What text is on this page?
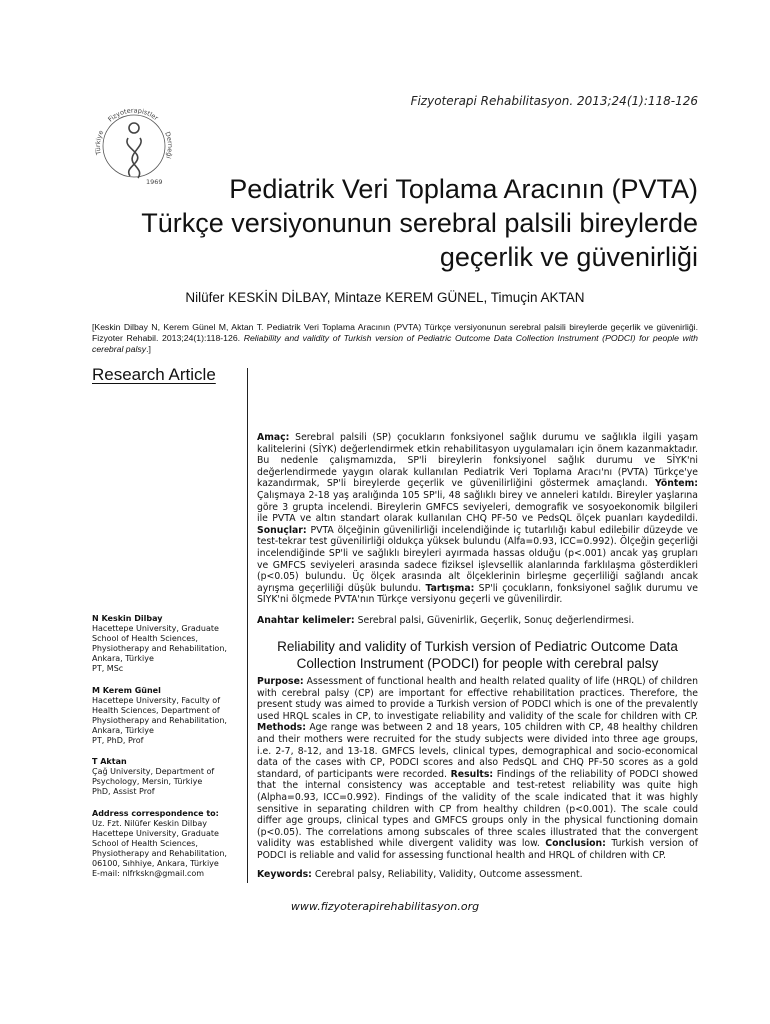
Fizyoterapi Rehabilitasyon. 2013;24(1):118-126
Türkiye
Fizyoterapistler
Derneği
1969	Pediatrik Veri Toplama Aracının (PVTA)
Türkçe versiyonunun serebral palsili bireylerde
geçerlik ve güvenirliği
Nilüfer KESKİN DİLBAY, Mintaze KEREM GÜNEL, Timuçin AKTAN
[Keskin Dilbay N, Kerem Günel M, Aktan T. Pediatrik Veri Toplama Aracının (PVTA) Türkçe versiyonunun serebral palsili bireylerde geçerlik ve güvenirliği. Fizyoter Rehabil. 2013;24(1):118-126. Reliability and validity of Turkish version of Pediatric Outcome Data Collection Instrument (PODCI) for people with cerebral palsy.]
Research Article
Amaç: Serebral palsili (SP) çocukların fonksiyonel sağlık durumu ve sağlıkla ilgili yaşam kalitelerini (SİYK) değerlendirmek etkin rehabilitasyon uygulamaları için önem kazanmaktadır. Bu nedenle çalışmamızda, SP'li bireylerin fonksiyonel sağlık durumu ve SİYK'ni değerlendirmede yaygın olarak kullanılan Pediatrik Veri Toplama Aracı'nı (PVTA) Türkçe'ye kazandırmak, SP'li bireylerde geçerlik ve güvenilirliğini göstermek amaçlandı. Yöntem: Çalışmaya 2-18 yaş aralığında 105 SP'li, 48 sağlıklı birey ve anneleri katıldı. Bireyler yaşlarına göre 3 grupta incelendi. Bireylerin GMFCS seviyeleri, demografik ve sosyoekonomik bilgileri ile PVTA ve altın standart olarak kullanılan CHQ PF-50 ve PedsQL ölçek puanları kaydedildi. Sonuçlar: PVTA ölçeğinin güvenilirliği incelendiğinde iç tutarlılığı kabul edilebilir düzeyde ve test-tekrar test güvenilirliği oldukça yüksek bulundu (Alfa=0.93, ICC=0.992). Ölçeğin geçerliği incelendiğinde SP'li ve sağlıklı bireyleri ayırmada hassas olduğu (p<.001) ancak yaş grupları ve GMFCS seviyeleri arasında sadece fiziksel işlevsellik alanlarında farklılaşma gösterdikleri (p<0.05) bulundu. Üç ölçek arasında alt ölçeklerinin birleşme geçerliliği sağlandı ancak ayrışma geçerliliği düşük bulundu. Tartışma: SP'li çocukların, fonksiyonel sağlık durumu ve SİYK'ni ölçmede PVTA'nın Türkçe versiyonu geçerli ve güvenilirdir.
Anahtar kelimeler: Serebral palsi, Güvenirlik, Geçerlik, Sonuç değerlendirmesi.
Reliability and validity of Turkish version of Pediatric Outcome Data Collection Instrument (PODCI) for people with cerebral palsy
Purpose: Assessment of functional health and health related quality of life (HRQL) of children with cerebral palsy (CP) are important for effective rehabilitation practices. Therefore, the present study was aimed to provide a Turkish version of PODCI which is one of the prevalently used HRQL scales in CP, to investigate reliability and validity of the scale for children with CP. Methods: Age range was between 2 and 18 years, 105 children with CP, 48 healthy children and their mothers were recruited for the study subjects were divided into three age groups, i.e. 2-7, 8-12, and 13-18. GMFCS levels, clinical types, demographical and socio-economical data of the cases with CP, PODCI scores and also PedsQL and CHQ PF-50 scores as a gold standard, of participants were recorded. Results: Findings of the reliability of PODCI showed that the internal consistency was acceptable and test-retest reliability was quite high (Alpha=0.93, ICC=0.992). Findings of the validity of the scale indicated that it was highly sensitive in separating children with CP from healthy children (p<0.001). The scale could differ age groups, clinical types and GMFCS groups only in the physical functioning domain (p<0.05). The correlations among subscales of three scales illustrated that the convergent validity was established while divergent validity was low. Conclusion: Turkish version of PODCI is reliable and valid for assessing functional health and HRQL of children with CP.
Keywords: Cerebral palsy, Reliability, Validity, Outcome assessment.
N Keskin Dilbay
Hacettepe University, Graduate
School of Health Sciences,
Physiotherapy and Rehabilitation,
Ankara, Türkiye
PT, MSc
M Kerem Günel
Hacettepe University, Faculty of
Health Sciences, Department of
Physiotherapy and Rehabilitation,
Ankara, Türkiye
PT, PhD, Prof
T Aktan
Çağ University, Department of
Psychology, Mersin, Türkiye
PhD, Assist Prof
Address correspondence to:
Uz. Fzt. Nilüfer Keskin Dilbay
Hacettepe University, Graduate
School of Health Sciences,
Physiotherapy and Rehabilitation,
06100, Sıhhiye, Ankara, Türkiye
E-mail: nlfrkskn@gmail.com
www.fizyoterapirehabilitasyon.org
